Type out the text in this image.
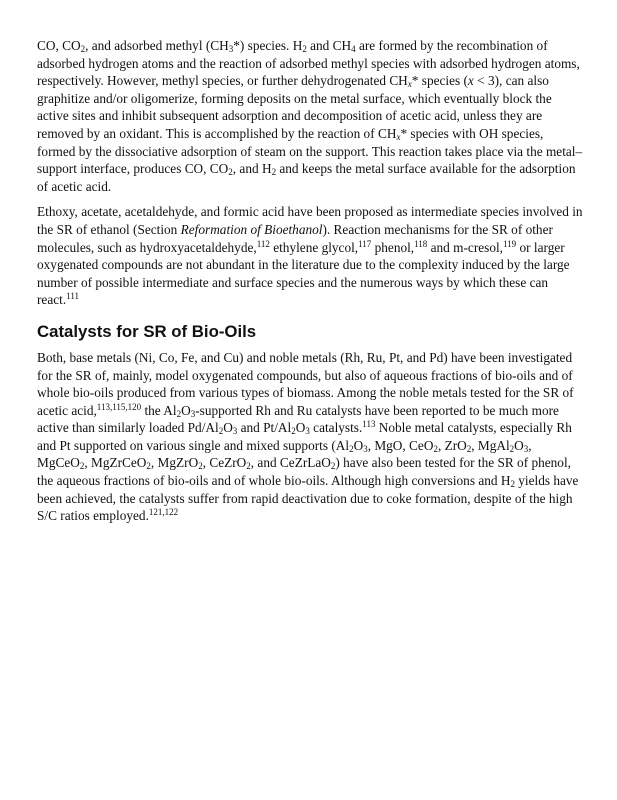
CO, $CO_2$, and adsorbed methyl $(CH_3*)$ species. $H_2$ and $CH_4$ are formed by the recombination of adsorbed hydrogen atoms and the reaction of adsorbed methyl species with adsorbed hydrogen atoms, respectively. However, methyl species, or further dehydrogenated $CH_x*$ species (x < 3), can also graphitize and/or oligomerize, forming deposits on the metal surface, which eventually block the active sites and inhibit subsequent adsorption and decomposition of acetic acid, unless they are removed by an oxidant. This is accomplished by the reaction of $CH_x*$ species with OH species, formed by the dissociative adsorption of steam on the support. This reaction takes place via the metal–support interface, produces CO, $CO_2$, and $H_2$ and keeps the metal surface available for the adsorption of acetic acid.

Ethoxy, acetate, acetaldehyde, and formic acid have been proposed as intermediate species involved in the SR of ethanol (Section Reformation of Bioethanol). Reaction mechanisms for the SR of other molecules, such as hydroxyacetaldehyde,$^{112}$ ethylene glycol,$^{117}$ phenol,$^{118}$ and m-cresol,$^{119}$ or larger oxygenated compounds are not abundant in the literature due to the complexity induced by the large number of possible intermediate and surface species and the numerous ways by which these can react.$^{111}$

Catalysts for SR of Bio-Oils

Both, base metals (Ni, Co, Fe, and Cu) and noble metals (Rh, Ru, Pt, and Pd) have been investigated for the SR of, mainly, model oxygenated compounds, but also of aqueous fractions of bio-oils and of whole bio-oils produced from various types of biomass. Among the noble metals tested for the SR of acetic acid,$^{113,115,120}$ the $Al_2O_3$-supported Rh and Ru catalysts have been reported to be much more active than similarly loaded $Pd/Al_2O_3$ and $Pt/Al_2O_3$ catalysts.$^{113}$ Noble metal catalysts, especially Rh and Pt supported on various single and mixed supports ($Al_2O_3$, MgO, CeO$_2$, ZrO$_2$, $MgAl_2O_3$, MgCeO$_2$, MgZrCeO$_2$, MgZrO$_2$, CeZrO$_2$, and CeZrLaO$_2$) have also been tested for the SR of phenol, the aqueous fractions of bio-oils and of whole bio-oils. Although high conversions and $H_2$ yields have been achieved, the catalysts suffer from rapid deactivation due to coke formation, despite of the high S/C ratios employed.$^{121,122}$
